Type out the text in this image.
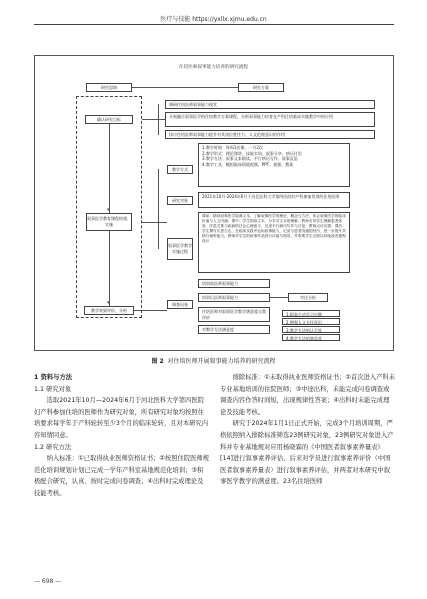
医疗与技能 https://yxllx.xjmu.edu.cn
住培医师叙事能力培养的研究流程
研究思路	研究方案
确认研究目标
叙事医学教育课程构建、实施
教学效果评价、分析
▾
▾
调研住培医师叙事能力现状
开展融合叙事医学的住培教学方案课程，分析叙事能力培育在产科住培临床实践教学中的应用
探讨住培医师叙事能力提升对其岗位胜任力、人文伦理意识的作用
教学方式
1.教学时间：每周1次课，一月2次
2.教学形式：理论课讲、技能实训、叙事分享、病历讨论
3.教学方法：叙事文本细读、平行病历写作、叙事反思
4.教学工具：模拟临床情境视频、PPT、视频、教案
研究对象
2021年10月-2024年6月于河北医科大学第四医院妇产科参加培训的住培医师
叙事医学教学实施过程
课前：精读叙事医学原典文本，了解叙事医学的理论、概念与方法，体会叙事医学的临床价值与人文内涵；课中：学生细读文本、分享对文本的理解，教师引导学生理解患者体验、医患关系与疾病的社会心理意义，完成平行病历写作与讨论，教师点评反馈；课后：学生撰写反思日志，在临床实践中运用叙事能力，记录与患者沟通的经历，进一步提升共情与倾听能力，教师对学生的叙事作品进行评阅与指导，并收集学生反馈以持续改进课程设计
调查问卷
培训前医师叙事能力
培训后医师叙事能力
住培医师对叙事医学教学满意度自我评价
对教学方法满意度
对比分析
1.提高主动学习兴趣
2.增强人文关怀意识
3.教学方法的认可度
4.教学方法的满意度
图 2 对住培医师开展叙事能力培养的研究流程

1 资料与方法

1.1 研究对象

选取2021年10月—2024年6月于河北医科大学第四医院妇产科参加住培的医师作为研究对象，所有研究对象均按照住培要求每学年于产科轮转至少3个月的临床轮转，且对本研究内容知情同意。

1.2 研究方法

纳入标准：①已取得执业医师资格证书；②按照住院医师规范化培训规划计划已完成一学年产科室基地规范化培训；③积极配合研究，认真、按时完成问卷调查；④出科时完成理论及技能考核。

排除标准：①未取得执业医师资格证书；②首次进入产科未专业基地培训的住院医师；③中途出科，未能完成问卷调查或调查内容作答时间短，出现规律性答案；④出科时未能完成理论及技能考核。

研究于2024年1月1日正式开始，完成3个月培训周期，严格依照纳入排除标准筛选23例研究对象，23例研究对象进入产科并专业基地规对应用杨晓霖的《中国医者叙事素养量表》[14]进行叙事素养评估，后来对学员进行叙事素养评价（中国医者叙事素养量表）进行叙事素养评估，并两者对本研究中叙事医学教学的满意度。23名住培医师

— 698 —
